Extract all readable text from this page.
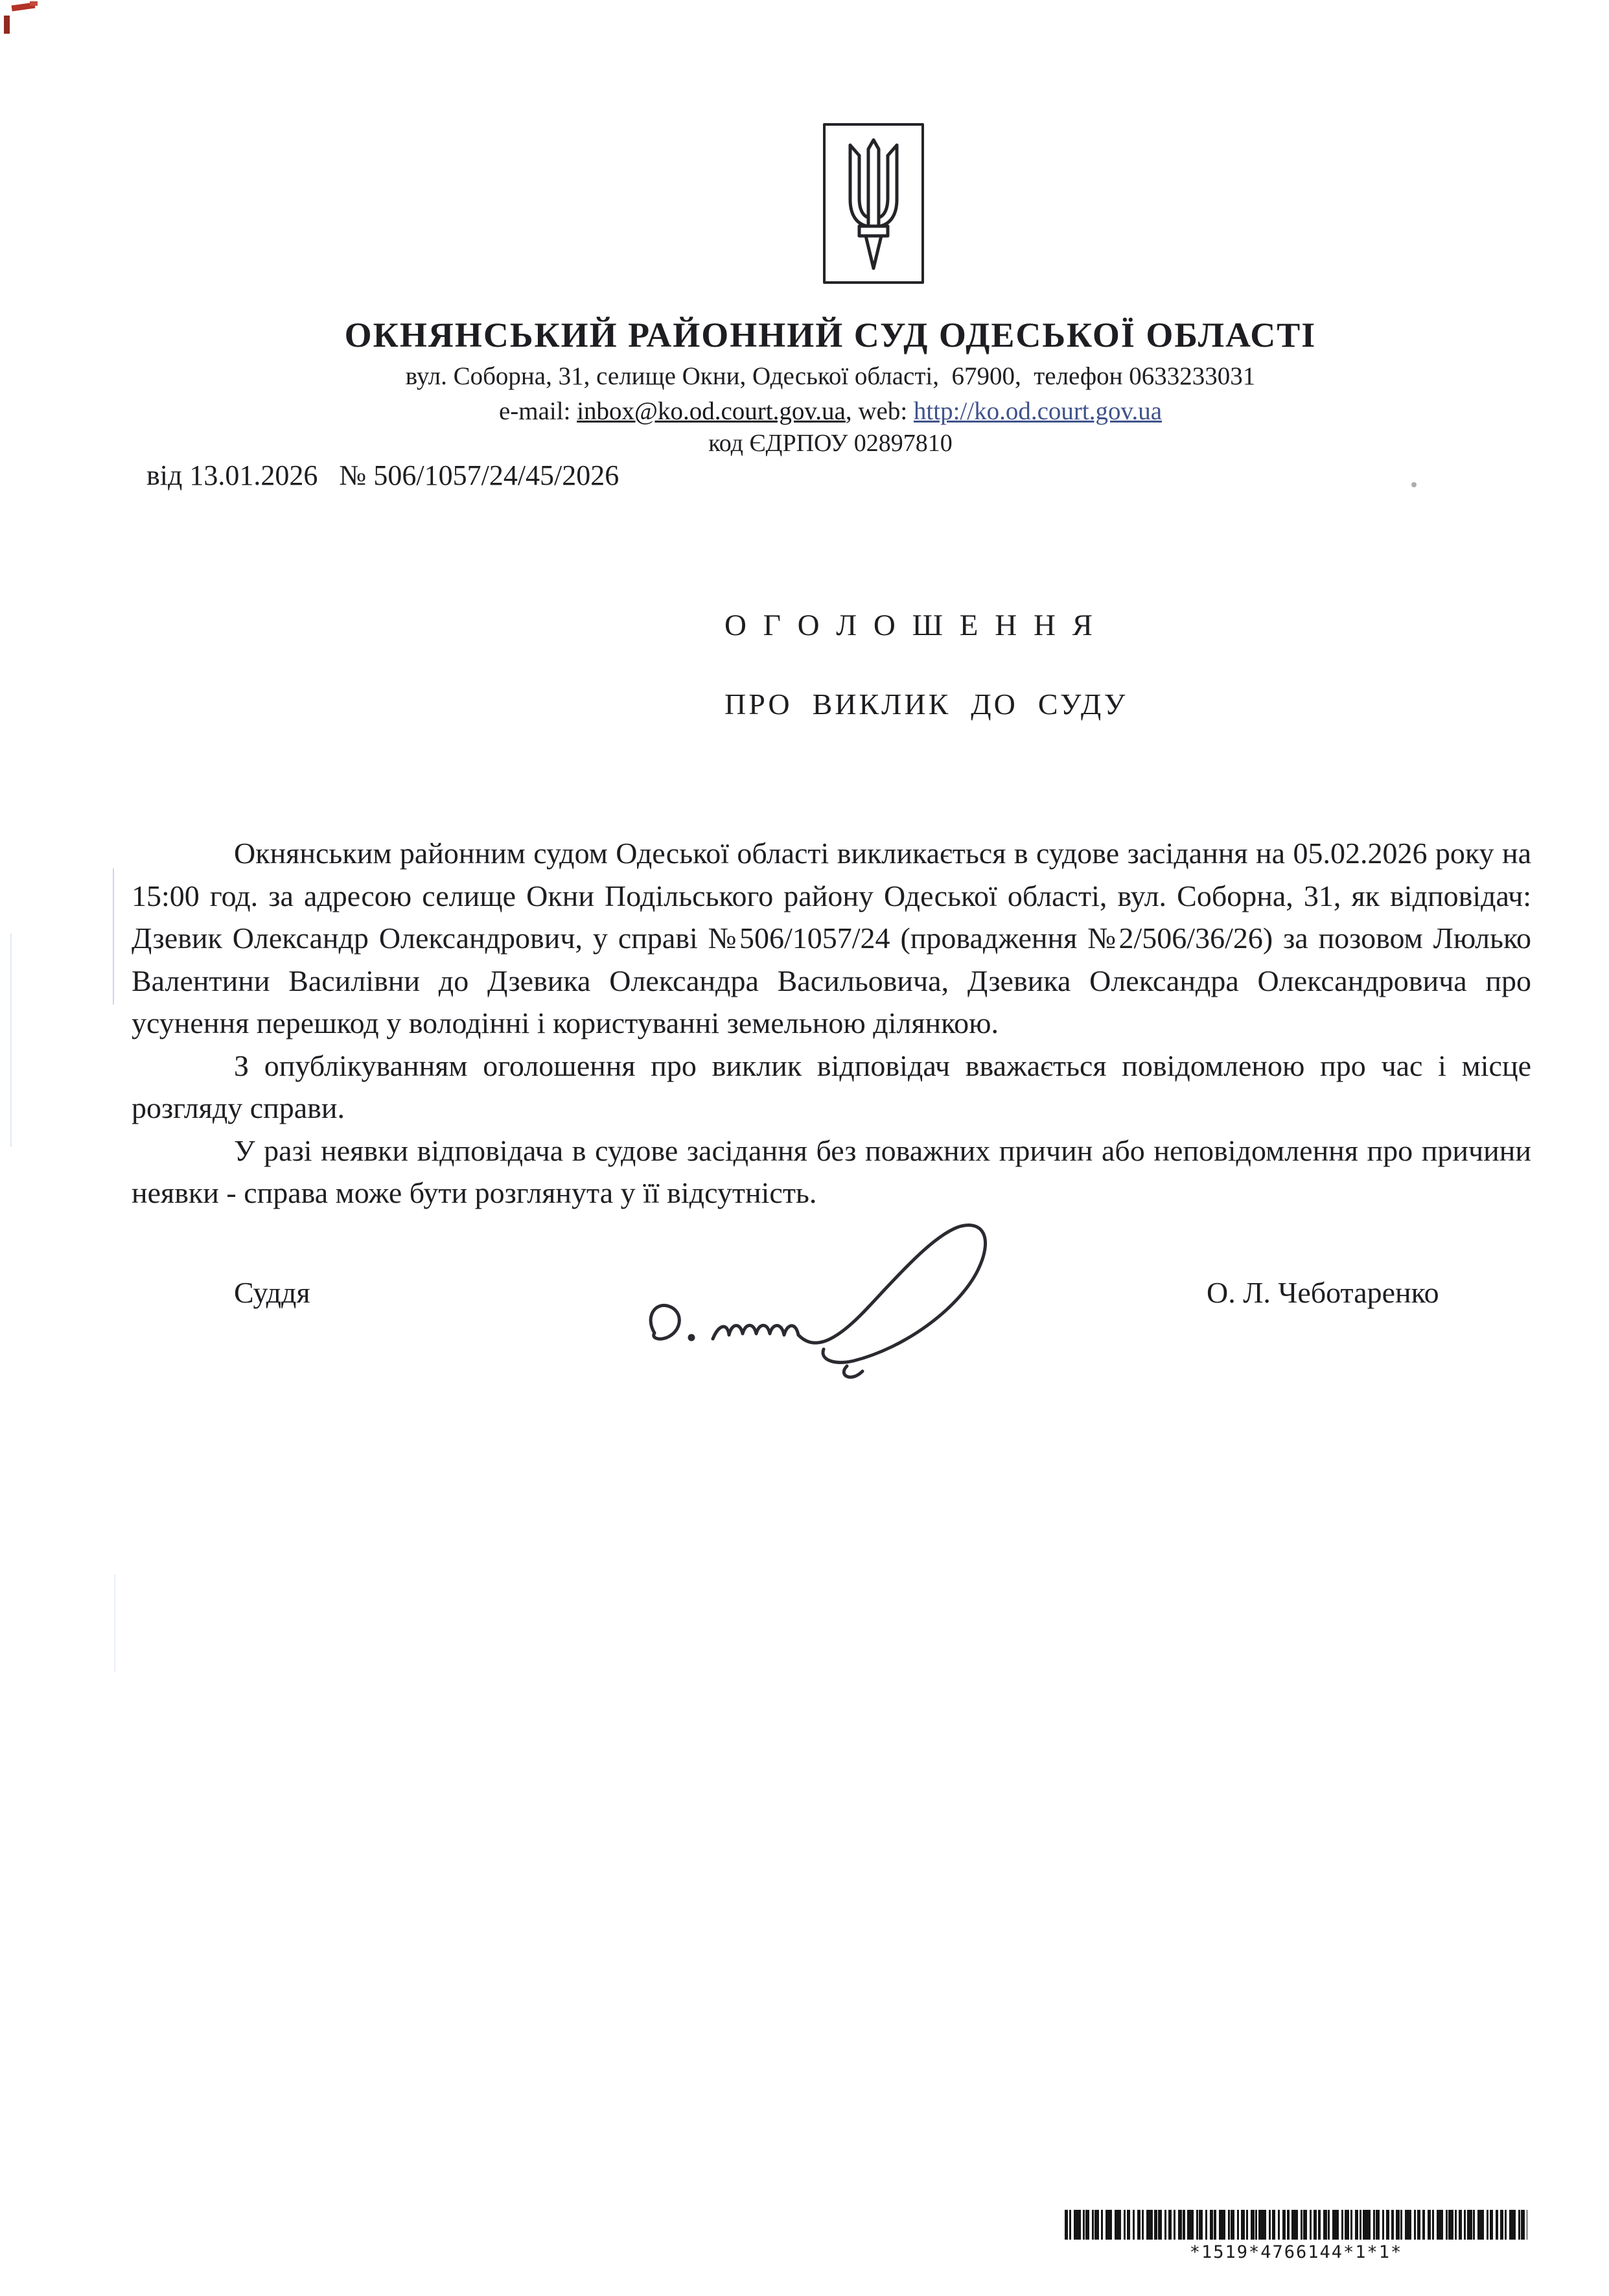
ОКНЯНСЬКИЙ РАЙОННИЙ СУД ОДЕСЬКОЇ ОБЛАСТІ
вул. Соборна, 31, селище Окни, Одеської області,  67900,  телефон 0633233031
e-mail: inbox@ko.od.court.gov.ua, web: http://ko.od.court.gov.ua
код ЄДРПОУ 02897810
від 13.01.2026   № 506/1057/24/45/2026
О Г О Л О Ш Е Н Н Я
ПРО  ВИКЛИК  ДО  СУДУ

Окнянським районним судом Одеської області викликається в судове засідання на 05.02.2026 року на 15:00 год. за адресою селище Окни Подільського району Одеської області, вул. Соборна, 31, як відповідач: Дзевик Олександр Олександрович, у справі №506/1057/24 (провадження №2/506/36/26) за позовом Люлько Валентини Василівни до Дзевика Олександра Васильовича, Дзевика Олександра Олександровича про усунення перешкод у володінні і користуванні земельною ділянкою.

З опублікуванням оголошення про виклик відповідач вважається повідомленою про час і місце розгляду справи.

У разі неявки відповідача в судове засідання без поважних причин або неповідомлення про причини неявки - справа може бути розглянута у її відсутність.

Суддя	О. Л. Чеботаренко
*1519*4766144*1*1*
